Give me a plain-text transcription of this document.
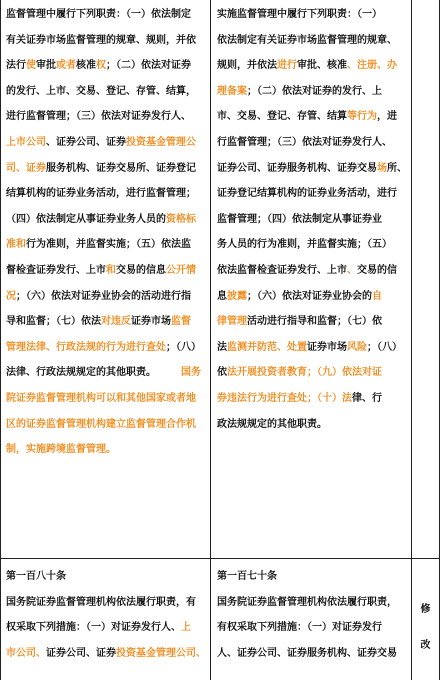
监督管理中履行下列职责：（一）依法制定
有关证券市场监督管理的规章、规则，并依
法行使审批或者核准权；（二）依法对证券
的发行、上市、交易、登记、存管、结算，
进行监督管理；（三）依法对证券发行人、
上市公司、证券公司、证券投资基金管理公
司、证券服务机构、证券交易所、证券登记
结算机构的证券业务活动，进行监督管理；
（四）依法制定从事证券业务人员的资格标
准和行为准则，并监督实施；（五）依法监
督检查证券发行、上市和交易的信息公开情
况；（六）依法对证券业协会的活动进行指
导和监督；（七）依法对违反证券市场监督
管理法律、行政法规的行为进行查处；（八）
法律、行政法规规定的其他职责。　　　国务
院证券监督管理机构可以和其他国家或者地
区的证券监督管理机构建立监督管理合作机
制，实施跨境监督管理。
实施监督管理中履行下列职责：（一）
依法制定有关证券市场监督管理的规章、
规则，并依法进行审批、核准、注册、办
理备案；（二）依法对证券的发行、上
市、交易、登记、存管、结算等行为，进
行监督管理；（三）依法对证券发行人、
证券公司、证券服务机构、证券交易场所、
证券登记结算机构的证券业务活动，进行
监督管理；（四）依法制定从事证券业
务人员的行为准则，并监督实施；（五）
依法监督检查证券发行、上市、交易的信
息披露；（六）依法对证券业协会的自
律管理活动进行指导和监督；（七）依
法监测并防范、处置证券市场风险；（八）
依法开展投资者教育；（九）依法对证
券违法行为进行查处；（十）法律、行
政法规规定的其他职责。
第一百八十条
国务院证券监督管理机构依法履行职责，有
权采取下列措施：（一）对证券发行人、上
市公司、证券公司、证券投资基金管理公司、
第一百七十条
国务院证券监督管理机构依法履行职责，
有权采取下列措施：（一）对证券发行
人、证券公司、证券服务机构、证券交易
修
改
